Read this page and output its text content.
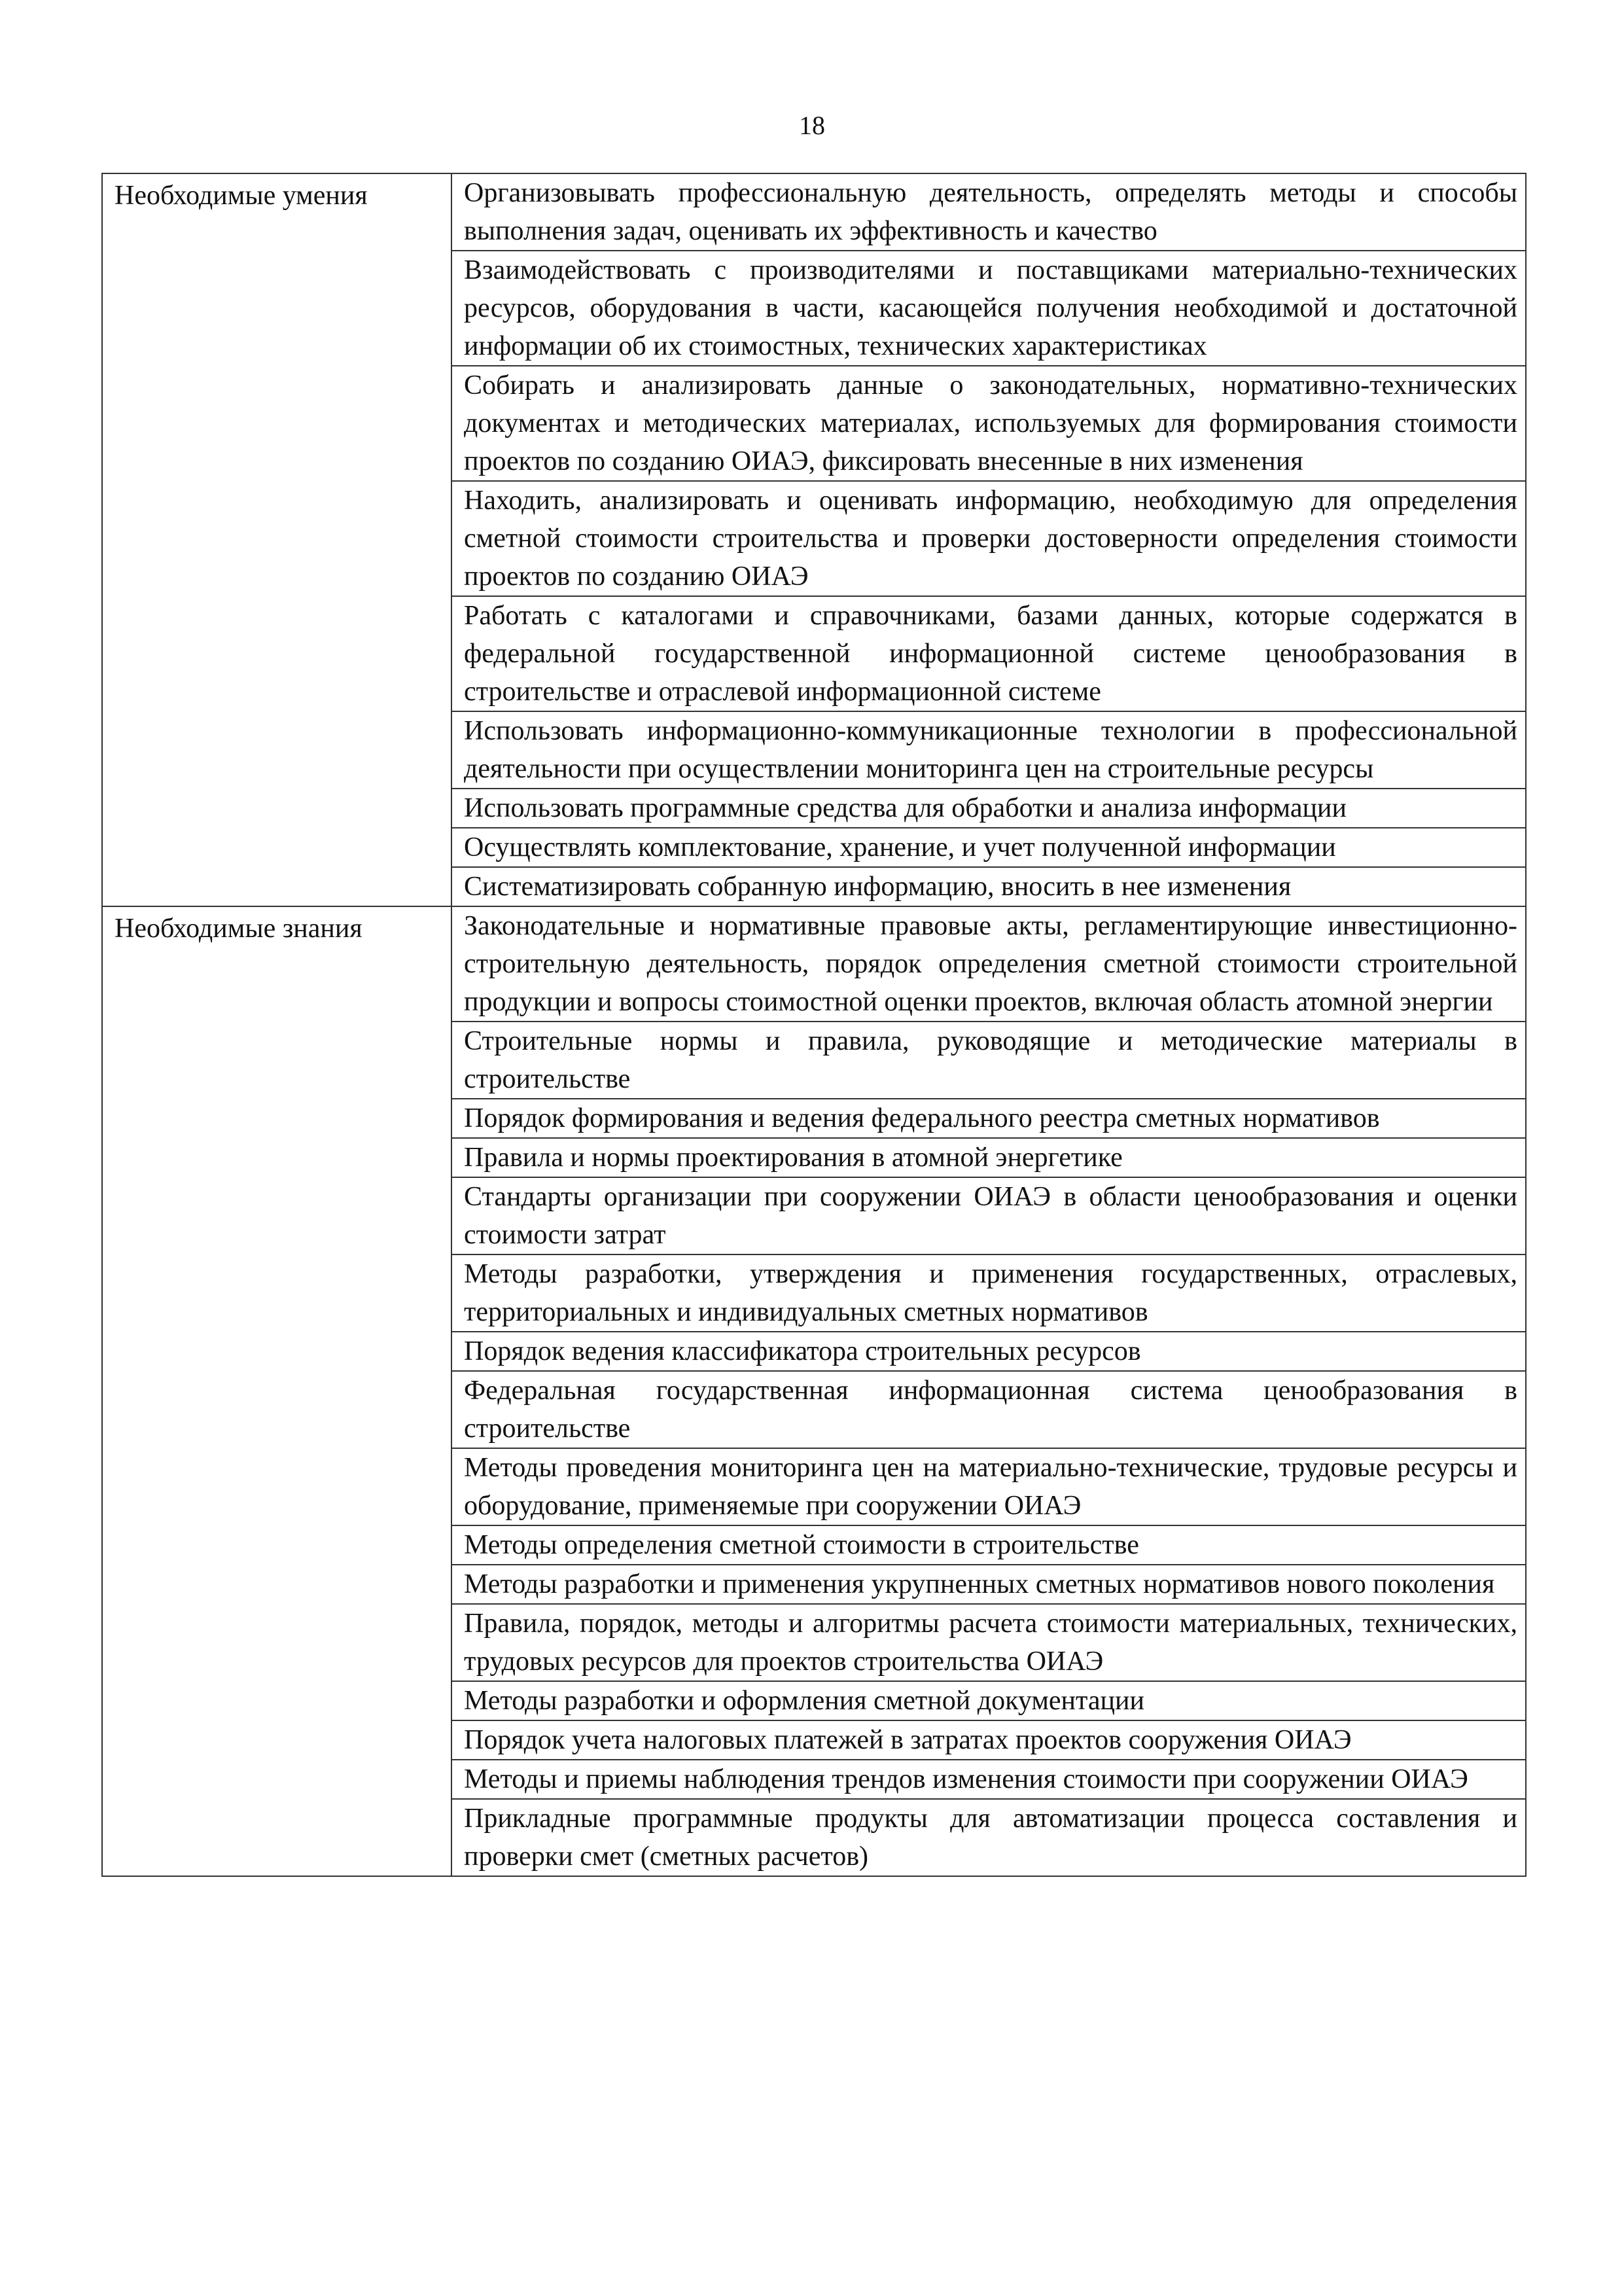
18
Необходимые умения	Организовывать профессиональную деятельность, определять методы и способы выполнения задач, оценивать их эффективность и качество

	Взаимодействовать с производителями и поставщиками материально-технических ресурсов, оборудования в части, касающейся получения необходимой и достаточной информации об их стоимостных, технических характеристиках

	Собирать и анализировать данные о законодательных, нормативно-технических документах и методических материалах, используемых для формирования стоимости проектов по созданию ОИАЭ, фиксировать внесенные в них изменения

	Находить, анализировать и оценивать информацию, необходимую для определения сметной стоимости строительства и проверки достоверности определения стоимости проектов по созданию ОИАЭ

	Работать с каталогами и справочниками, базами данных, которые содержатся в федеральной государственной информационной системе ценообразования в строительстве и отраслевой информационной системе

	Использовать информационно-коммуникационные технологии в профессиональной деятельности при осуществлении мониторинга цен на строительные ресурсы

	Использовать программные средства для обработки и анализа информации

	Осуществлять комплектование, хранение, и учет полученной информации

	Систематизировать собранную информацию, вносить в нее изменения

Необходимые знания	Законодательные и нормативные правовые акты, регламентирующие инвестиционно-строительную деятельность, порядок определения сметной стоимости строительной продукции и вопросы стоимостной оценки проектов, включая область атомной энергии

	Строительные нормы и правила, руководящие и методические материалы в строительстве

	Порядок формирования и ведения федерального реестра сметных нормативов

	Правила и нормы проектирования в атомной энергетике

	Стандарты организации при сооружении ОИАЭ в области ценообразования и оценки стоимости затрат

	Методы разработки, утверждения и применения государственных, отраслевых, территориальных и индивидуальных сметных нормативов

	Порядок ведения классификатора строительных ресурсов

	Федеральная государственная информационная система ценообразования в строительстве

	Методы проведения мониторинга цен на материально-технические, трудовые ресурсы и оборудование, применяемые при сооружении ОИАЭ

	Методы определения сметной стоимости в строительстве

	Методы разработки и применения укрупненных сметных нормативов нового поколения

	Правила, порядок, методы и алгоритмы расчета стоимости материальных, технических, трудовых ресурсов для проектов строительства ОИАЭ

	Методы разработки и оформления сметной документации

	Порядок учета налоговых платежей в затратах проектов сооружения ОИАЭ

	Методы и приемы наблюдения трендов изменения стоимости при сооружении ОИАЭ

	Прикладные программные продукты для автоматизации процесса составления и проверки смет (сметных расчетов)
